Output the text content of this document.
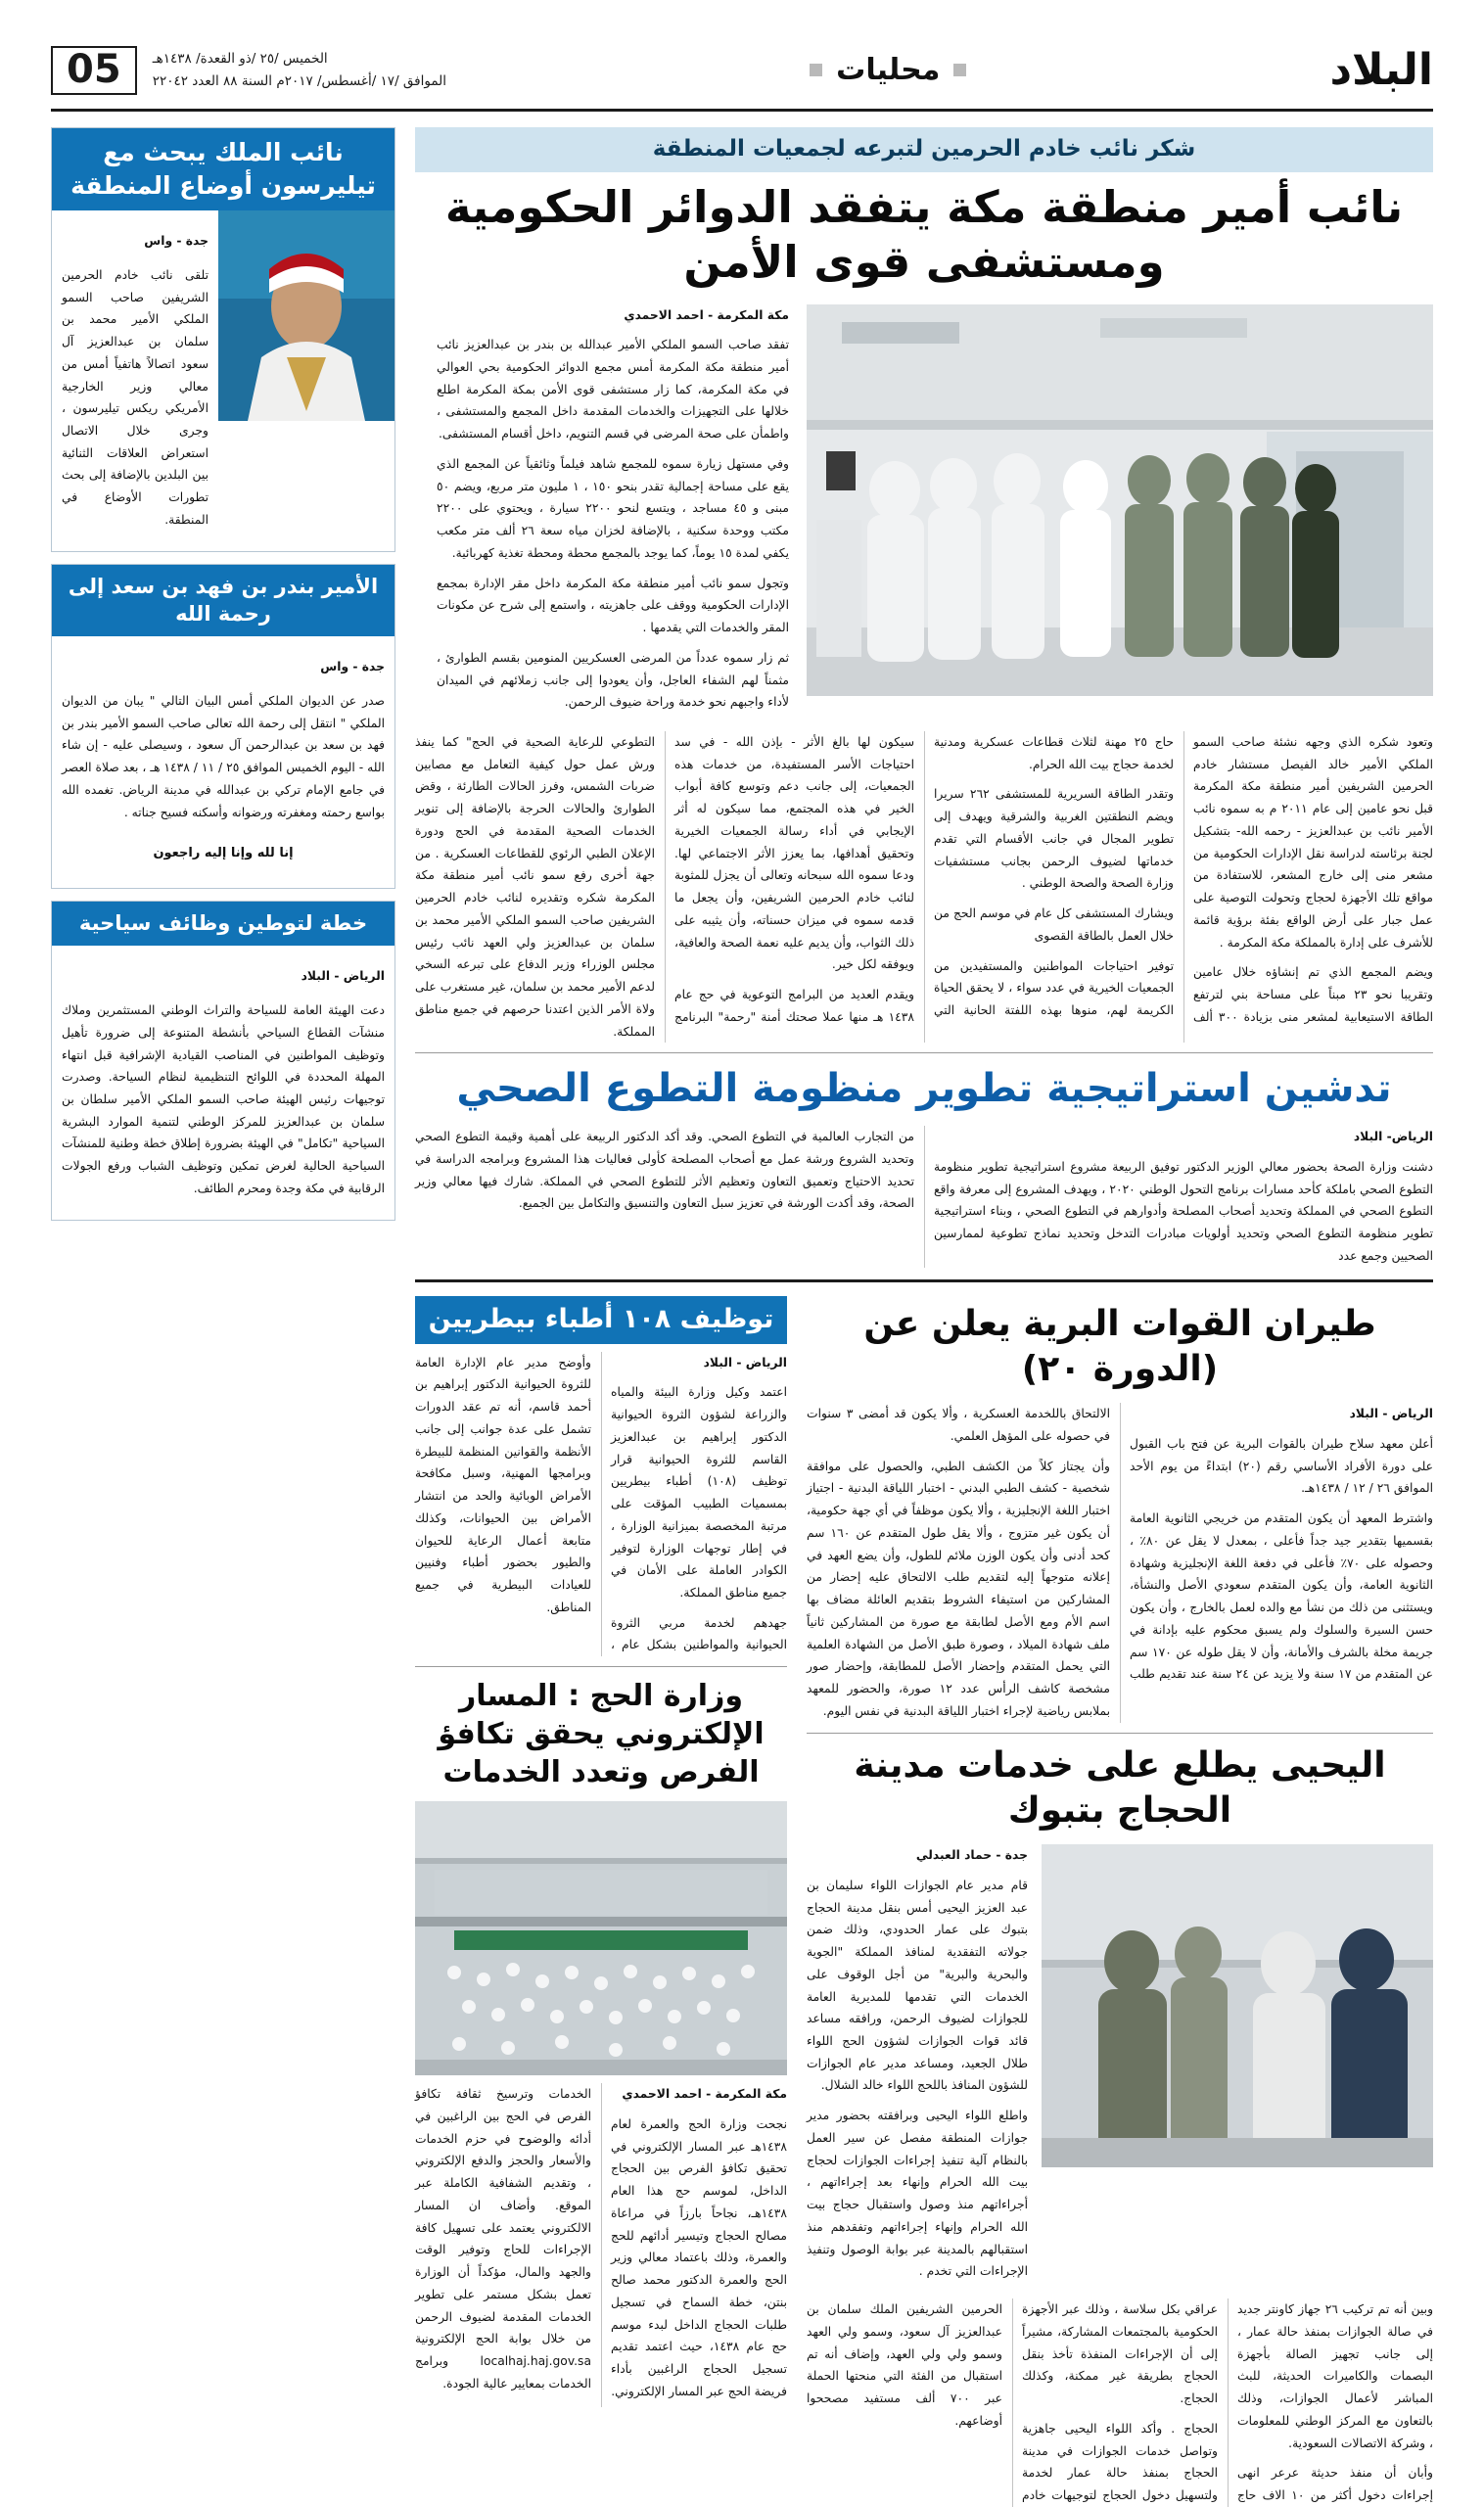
البلاد
محليات
الخميس /٢٥ /ذو القعدة/ ١٤٣٨هـ
الموافق /١٧ /أغسطس/ ٢٠١٧م السنة ٨٨ العدد ٢٢٠٤٢
05
شكر نائب خادم الحرمين لتبرعه لجمعيات المنطقة
نائب أمير منطقة مكة يتفقد الدوائر الحكومية ومستشفى قوى الأمن

مكة المكرمة - احمد الاحمدي

تفقد صاحب السمو الملكي الأمير عبدالله بن بندر بن عبدالعزيز نائب أمير منطقة مكة المكرمة أمس مجمع الدوائر الحكومية بحي العوالي في مكة المكرمة، كما زار مستشفى قوى الأمن بمكة المكرمة اطلع خلالها على التجهيزات والخدمات المقدمة داخل المجمع والمستشفى ، واطمأن على صحة المرضى في قسم التنويم، داخل أقسام المستشفى.

وفي مستهل زيارة سموه للمجمع شاهد فيلماً وثائقياً عن المجمع الذي يقع على مساحة إجمالية تقدر بنحو ١٥٠ ، ١ مليون متر مربع، ويضم ٥٠ مبنى و ٤٥ مساجد ، ويتسع لنحو ٢٢٠٠ سيارة ، ويحتوي على ٢٢٠٠ مكتب ووحدة سكنية ، بالإضافة لخزان مياه سعة ٢٦ ألف متر مكعب يكفي لمدة ١٥ يوماً، كما يوجد بالمجمع محطة ومحطة تغذية كهربائية.

وتجول سمو نائب أمير منطقة مكة المكرمة داخل مقر الإدارة بمجمع الإدارات الحكومية ووقف على جاهزيته ، واستمع إلى شرح عن مكونات المقر والخدمات التي يقدمها .

ثم زار سموه عدداً من المرضى العسكريين المنومين بقسم الطوارئ ، مثمناً لهم الشفاء العاجل، وأن يعودوا إلى جانب زملائهم في الميدان لأداء واجبهم نحو خدمة وراحة ضيوف الرحمن.

وتعود شكره الذي وجهه نشئة صاحب السمو الملكي الأمير خالد الفيصل مستشار خادم الحرمين الشريفين أمير منطقة مكة المكرمة قبل نحو عامين إلى عام ٢٠١١ م به سموه نائب الأمير نائب بن عبدالعزيز - رحمه الله- بتشكيل لجنة برئاسته لدراسة نقل الإدارات الحكومية من مشعر منى إلى خارج المشعر، للاستفادة من مواقع تلك الأجهزة لحجاج وتحولت التوصية على عمل جبار على أرض الواقع بفئة برؤية قائمة للأشرف على إدارة بالمملكة مكة المكرمة .

ويضم المجمع الذي تم إنشاؤه خلال عامين وتقريبا نحو ٢٣ مبناً على مساحة بني لترتفع الطاقة الاستيعابية لمشعر منى بزيادة ٣٠٠ ألف حاج ٢٥ مهنة لثلاث قطاعات عسكرية ومدنية لخدمة حجاج بيت الله الحرام.

وتقدر الطاقة السريرية للمستشفى ٢٦٢ سريرا ويضم النطقتين الغربية والشرقية ويهدف إلى تطوير المجال في جانب الأقسام التي تقدم خدماتها لضيوف الرحمن بجانب مستشفيات وزارة الصحة والصحة الوطني .

ويشارك المستشفى كل عام في موسم الحج من خلال العمل بالطاقة القصوى

توفير احتياجات المواطنين والمستفيدين من الجمعيات الخيرية في عدد سواء ، لا يحقق الحياة الكريمة لهم، منوها بهذه اللفتة الحانية التي سيكون لها بالغ الأثر - بإذن الله - في سد احتياجات الأسر المستفيدة، من خدمات هذه الجمعيات، إلى جانب دعم وتوسع كافة أبواب الخير في هذه المجتمع، مما سيكون له أثر الإيجابي في أداء رسالة الجمعيات الخيرية وتحقيق أهدافها، بما يعزز الأثر الاجتماعي لها. ودعا سموه الله سبحانه وتعالى أن يجزل للمثوبة لنائب خادم الحرمين الشريفين، وأن يجعل ما قدمه سموه في ميزان حسناته، وأن يثيبه على ذلك الثواب، وأن يديم عليه نعمة الصحة والعافية، ويوفقه لكل خير.

ويقدم العديد من البرامج التوعوية في حج عام ١٤٣٨ هـ منها عملا صحتك أمنة "رحمة" البرنامج التطوعي للرعاية الصحية في الحج" كما ينفذ ورش عمل حول كيفية التعامل مع مصابين ضربات الشمس، وفرز الحالات الطارئة ، وقض الطوارئ والحالات الحرجة بالإضافة إلى تنوير الخدمات الصحية المقدمة في الحج ودورة الإعلان الطبي الرئوي للقطاعات العسكرية . من جهة أخرى رفع سمو نائب أمير منطقة مكة المكرمة شكره وتقديره لنائب خادم الحرمين الشريفين صاحب السمو الملكي الأمير محمد بن سلمان بن عبدالعزيز ولي العهد نائب رئيس مجلس الوزراء وزير الدفاع على تبرعه السخي لدعم الأمير محمد بن سلمان، غير مستغرب على ولاة الأمر الذين اعتدنا حرصهم في جميع مناطق المملكة.

تدشين استراتيجية تطوير منظومة التطوع الصحي

الرياض- البلاد

دشنت وزارة الصحة بحضور معالي الوزير الدكتور توفيق الربيعة مشروع استراتيجية تطوير منظومة التطوع الصحي باملكة كأحد مسارات برنامج التحول الوطني ٢٠٢٠ ، ويهدف المشروع إلى معرفة واقع التطوع الصحي في المملكة وتحديد أصحاب المصلحة وأدوارهم في التطوع الصحي ، وبناء استراتيجية تطوير منظومة التطوع الصحي وتحديد أولويات مبادرات التدخل وتحديد نماذج تطوعية لممارسين الصحيين وجمع عدد

من التجارب العالمية في التطوع الصحي. وقد أكد الدكتور الربيعة على أهمية وقيمة التطوع الصحي وتحديد الشروع ورشة عمل مع أصحاب المصلحة كأولى فعاليات هذا المشروع وبرامجه الدراسة في تحديد الاحتياج وتعميق التعاون وتعظيم الأثر للتطوع الصحي في المملكة. شارك فيها معالي وزير الصحة، وقد أكدت الورشة في تعزيز سبل التعاون والتنسيق والتكامل بين الجميع.

طيران القوات البرية يعلن عن (الدورة ٢٠)

الرياض - البلاد

أعلن معهد سلاح طيران بالقوات البرية عن فتح باب القبول على دورة الأفراد الأساسي رقم (٢٠) ابتداءً من يوم الأحد الموافق ٢٦ / ١٢ / ١٤٣٨هـ.

واشترط المعهد أن يكون المتقدم من خريجي الثانوية العامة بقسميها بتقدير جيد جداً فأعلى ، بمعدل لا يقل عن ٨٠٪ ، وحصوله على ٧٠٪ فأعلى في دفعة اللغة الإنجليزية وشهادة الثانوية العامة، وأن يكون المتقدم سعودي الأصل والنشأة، ويستثنى من ذلك من نشأ مع والده لعمل بالخارج ، وأن يكون حسن السيرة والسلوك ولم يسبق محكوم عليه بإدانة في جريمة مخلة بالشرف والأمانة، وأن لا يقل طوله عن ١٧٠ سم عن المتقدم من ١٧ سنة ولا يزيد عن ٢٤ سنة عند تقديم طلب الالتحاق باللخدمة العسكرية ، وألا يكون قد أمضى ٣ سنوات في حصوله على المؤهل العلمي.

وأن يجتاز كلاً من الكشف الطبي، والحصول على موافقة شخصية - كشف الطبي البدني - اختبار اللياقة البدنية - اجتياز اختبار اللغة الإنجليزية ، وألا يكون موظفاً في أي جهة حكومية، أن يكون غير متزوج ، وألا يقل طول المتقدم عن ١٦٠ سم كحد أدنى وأن يكون الوزن ملائم للطول، وأن يضع العهد في إعلانه متوجهاً إليه لتقديم طلب الالتحاق عليه إحضار من المشاركين من استيفاء الشروط بتقديم العائلة مضاف بها اسم الأم ومع الأصل لطابقة مع صورة من المشاركين ثانياً ملف شهادة الميلاد ، وصورة طبق الأصل من الشهادة العلمية التي يحمل المتقدم وإحضار الأصل للمطابقة، وإحضار صور مشخصة كاشف الرأس عدد ١٢ صورة، والحضور للمعهد بملابس رياضية لإجراء اختبار اللياقة البدنية في نفس اليوم.

اليحيى يطلع على خدمات مدينة الحجاج بتبوك

جدة - حماد العبدلي

قام مدير عام الجوازات اللواء سليمان بن عبد العزيز اليحيى أمس بنقل مدينة الحجاج بتبوك على عمار الحدودي، وذلك ضمن جولاته التفقدية لمنافذ المملكة "الجوية والبحرية والبرية" من أجل الوقوف على الخدمات التي تقدمها للمديرية العامة للجوازات لضيوف الرحمن، ورافقه مساعد قائد قوات الجوازات لشؤون الحج اللواء طلال الجعيد، ومساعد مدير عام الجوازات للشؤون المنافذ باللحج اللواء خالد الشلال.

واطلع اللواء اليحيى وبرافقته بحضور مدير جوازات المنطقة مفصل عن سير العمل بالنظام آلية تنفيذ إجراءات الجوازات لحجاج بيت الله الحرام وإنهاء بعد إجراءاتهم ، أجراءاتهم منذ وصول واستقبال حجاج بيت الله الحرام وإنهاء إجراءاتهم وتفقدهم منذ استقبالهم بالمدينة عبر بوابة الوصول وتنفيذ الإجراءات التي تخدم .

وبين أنه تم تركيب ٢٦ جهاز كاونتر جديد في صالة الجوازات بمنفذ حالة عمار ، إلى جانب تجهيز الصالة بأجهزة البصمات والكاميرات الحديثة، للبث المباشر لأعمال الجوازات، وذلك بالتعاون مع المركز الوطني للمعلومات ، وشركة الاتصالات السعودية.

وأبان أن منفذ حديثة عرعر انهى إجراءات دخول أكثر من ١٠ الاف حاج عراقي بكل سلاسة ، وذلك عبر الأجهزة الحكومية بالمجتمعات المشاركة، مشيراً إلى أن الإجراءات المنفذة تأخذ بنقل الحجاج بطريقة غير ممكنة، وكذلك الحجاج.

الحجاج . وأكد اللواء اليحيى جاهزية وتواصل خدمات الجوازات في مدينة الحجاج بمنفذ حالة عمار لخدمة ولتسهيل دخول الحجاج لتوجيهات خادم الحرمين الشريفين الملك سلمان بن عبدالعزيز آل سعود، وسمو ولي العهد وسمو ولي ولي العهد، وإضاف أنه تم استقبال من الفئة التي منحتها الحملة عبر ٧٠٠ ألف مستفيد مصححوا أوضاعهم.

توظيف ١٠٨ أطباء بيطريين

الرياض - البلاد

اعتمد وكيل وزارة البيئة والمياه والزراعة لشؤون الثروة الحيوانية الدكتور إبراهيم بن عبدالعزيز القاسم للثروة الحيوانية قرار توظيف (١٠٨) أطباء بيطريين بمسميات الطبيب المؤقت على مرتبة المخصصة بميزانية الوزارة ، في إطار توجهات الوزارة لتوفير الكوادر العاملة على الأمان في جميع مناطق المملكة.

جهدهم لخدمة مربي الثروة الحيوانية والمواطنين بشكل عام ، وأوضح مدير عام الإدارة العامة للثروة الحيوانية الدكتور إبراهيم بن أحمد قاسم، أنه تم عقد الدورات تشمل على عدة جوانب إلى جانب الأنظمة والقوانين المنظمة للبيطرة وبرامجها المهنية، وسبل مكافحة الأمراض الوبائية والحد من انتشار الأمراض بين الحيوانات، وكذلك متابعة أعمال الرعاية للحيوان والطيور بحضور أطباء وفنيين للعيادات البيطرية في جميع المناطق.

وزارة الحج : المسار الإلكتروني يحقق تكافؤ الفرص وتعدد الخدمات

مكة المكرمة - احمد الاحمدي

نجحت وزارة الحج والعمرة لعام ١٤٣٨هـ عبر المسار الإلكتروني في تحقيق تكافؤ الفرص بين الحجاج الداخل، لموسم حج هذا العام ١٤٣٨هـ، نجاحاً بارزاً في مراعاة مصالح الحجاج وتيسير أدائهم للحج والعمرة، وذلك باعتماد معالي وزير الحج والعمرة الدكتور محمد صالح بنتن، خطة السماح في تسجيل طلبات الحجاج الداخل لبدء موسم حج عام ١٤٣٨، حيث اعتمد تقديم تسجيل الحجاج الراغبين بأداء فريضة الحج عبر المسار الإلكتروني.

الخدمات وترسيخ ثقافة تكافؤ الفرص في الحج بين الراغبين في أدائه والوضوح في حزم الخدمات والأسعار والحجز والدفع الإلكتروني ، وتقديم الشفافية الكاملة عبر الموقع. وأضاف ان المسار الالكتروني يعتمد على تسهيل كافة الإجراءات للحاج وتوفير الوقت والجهد والمال، مؤكداً أن الوزارة تعمل بشكل مستمر على تطوير الخدمات المقدمة لضيوف الرحمن من خلال بوابة الحج الإلكترونية localhaj.haj.gov.sa وبرامج الخدمات بمعايير عالية الجودة.

نائب الملك يبحث مع تيليرسون أوضاع المنطقة

جدة - واس

تلقى نائب خادم الحرمين الشريفين صاحب السمو الملكي الأمير محمد بن سلمان بن عبدالعزيز آل سعود اتصالاً هاتفياً أمس من معالي وزير الخارجية الأمريكي ريكس تيليرسون ، وجرى خلال الاتصال استعراض العلاقات الثنائية بين البلدين بالإضافة إلى بحث تطورات الأوضاع في المنطقة.

الأمير بندر بن فهد بن سعد إلى رحمة الله

جدة - واس

صدر عن الديوان الملكي أمس البيان التالي " يبان من الديوان الملكي " انتقل إلى رحمة الله تعالى صاحب السمو الأمير بندر بن فهد بن سعد بن عبدالرحمن آل سعود ، وسيصلى عليه - إن شاء الله - اليوم الخميس الموافق ٢٥ / ١١ / ١٤٣٨ هـ ، بعد صلاة العصر في جامع الإمام تركي بن عبدالله في مدينة الرياض. تغمده الله بواسع رحمته ومغفرته ورضوانه وأسكنه فسيح جناته .

إنا لله وإنا إليه راجعون

خطة لتوطين وظائف سياحية

الرياض - البلاد

دعت الهيئة العامة للسياحة والتراث الوطني المستثمرين وملاك منشآت القطاع السياحي بأنشطة المتنوعة إلى ضرورة تأهيل وتوظيف المواطنين في المناصب القيادية الإشرافية قبل انتهاء المهلة المحددة في اللوائح التنظيمية لنظام السياحة. وصدرت توجيهات رئيس الهيئة صاحب السمو الملكي الأمير سلطان بن سلمان بن عبدالعزيز للمركز الوطني لتنمية الموارد البشرية السياحية "تكامل" في الهيئة بضرورة إطلاق خطة وطنية للمنشآت السياحية الحالية لغرض تمكين وتوظيف الشباب ورفع الجولات الرقابية في مكة وجدة ومحرم الطائف.
